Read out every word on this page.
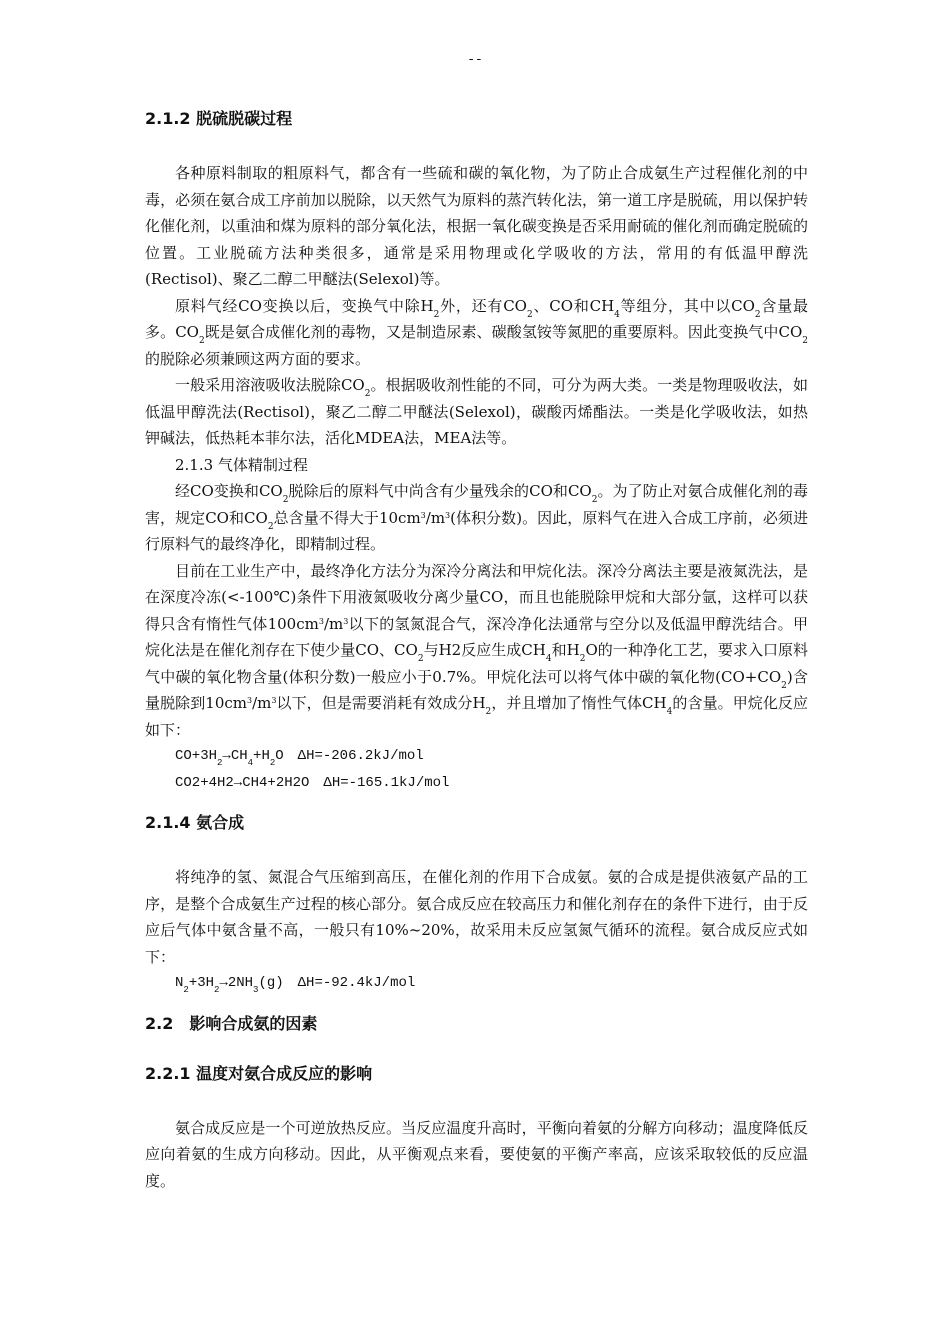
--
2.1.2 脱硫脱碳过程

各种原料制取的粗原料气，都含有一些硫和碳的氧化物，为了防止合成氨生产过程催化剂的中毒，必须在氨合成工序前加以脱除，以天然气为原料的蒸汽转化法，第一道工序是脱硫，用以保护转化催化剂，以重油和煤为原料的部分氧化法，根据一氧化碳变换是否采用耐硫的催化剂而确定脱硫的位置。工业脱硫方法种类很多，通常是采用物理或化学吸收的方法，常用的有低温甲醇洗(Rectisol)、聚乙二醇二甲醚法(Selexol)等。

原料气经CO变换以后，变换气中除$H_2$外，还有$CO_2$、CO和$CH_4$等组分，其中以$CO_2$含量最多。$CO_2$既是氨合成催化剂的毒物，又是制造尿素、碳酸氢铵等氮肥的重要原料。因此变换气中$CO_2$的脱除必须兼顾这两方面的要求。

一般采用溶液吸收法脱除$CO_2$。根据吸收剂性能的不同，可分为两大类。一类是物理吸收法，如低温甲醇洗法(Rectisol)，聚乙二醇二甲醚法(Selexol)，碳酸丙烯酯法。一类是化学吸收法，如热钾碱法，低热耗本菲尔法，活化MDEA法，MEA法等。

2.1.3 气体精制过程

经CO变换和$CO_2$脱除后的原料气中尚含有少量残余的CO和$CO_2$。为了防止对氨合成催化剂的毒害，规定CO和$CO_2$总含量不得大于$10cm^3/m^3$(体积分数)。因此，原料气在进入合成工序前，必须进行原料气的最终净化，即精制过程。

目前在工业生产中，最终净化方法分为深冷分离法和甲烷化法。深冷分离法主要是液氮洗法，是在深度冷冻(<-100℃)条件下用液氮吸收分离少量CO，而且也能脱除甲烷和大部分氩，这样可以获得只含有惰性气体$100cm^3/m^3$以下的氢氮混合气，深冷净化法通常与空分以及低温甲醇洗结合。甲烷化法是在催化剂存在下使少量CO、$CO_2$与H2反应生成$CH_4$和$H_2O$的一种净化工艺，要求入口原料气中碳的氧化物含量(体积分数)一般应小于0.7%。甲烷化法可以将气体中碳的氧化物$(CO+CO_2)$含量脱除到$10cm^3/m^3$以下，但是需要消耗有效成分$H_2$，并且增加了惰性气体$CH_4$的含量。甲烷化反应如下：

$CO+3H_2\to CH_4+H_2O$　ΔH=-206.2kJ/mol

CO2+4H2→CH4+2H2O　ΔH=-165.1kJ/mol

2.1.4 氨合成

将纯净的氢、氮混合气压缩到高压，在催化剂的作用下合成氨。氨的合成是提供液氨产品的工序，是整个合成氨生产过程的核心部分。氨合成反应在较高压力和催化剂存在的条件下进行，由于反应后气体中氨含量不高，一般只有10%~20%，故采用未反应氢氮气循环的流程。氨合成反应式如下：

$N_2+3H_2\to 2NH_3(g)$　ΔH=-92.4kJ/mol

2.2　影响合成氨的因素
2.2.1 温度对氨合成反应的影响

氨合成反应是一个可逆放热反应。当反应温度升高时，平衡向着氨的分解方向移动；温度降低反应向着氨的生成方向移动。因此，从平衡观点来看，要使氨的平衡产率高，应该采取较低的反应温度。
